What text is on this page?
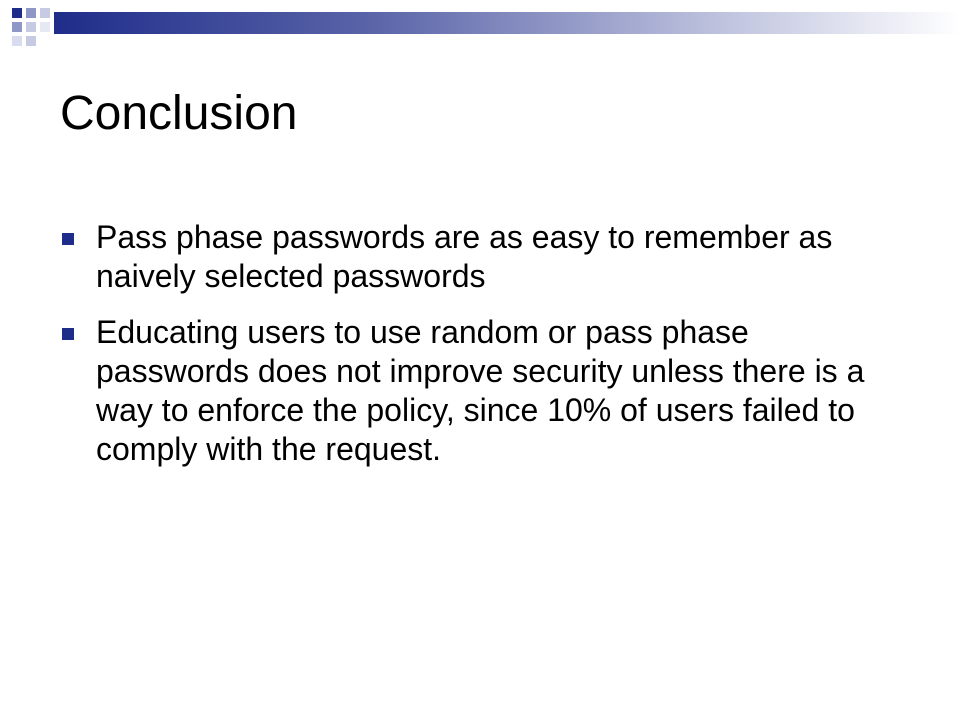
Conclusion
Pass phase passwords are as easy to remember as naively selected passwords
Educating users to use random or pass phase passwords does not improve security unless there is a way to enforce the policy, since 10% of users failed to comply with the request.
